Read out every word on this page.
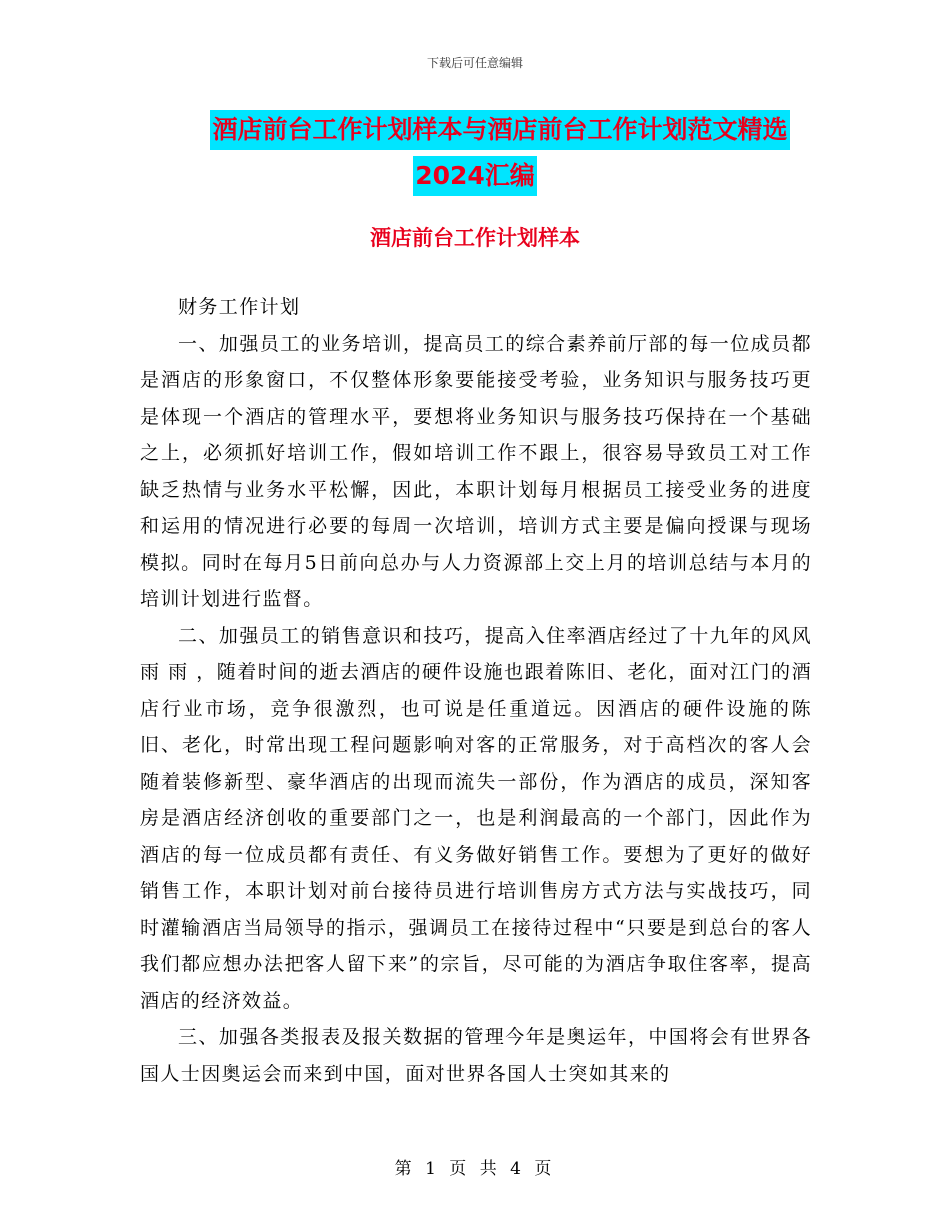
下载后可任意编辑
酒店前台工作计划样本与酒店前台工作计划范文精选
2024汇编
酒店前台工作计划样本

财务工作计划

一、加强员工的业务培训，提高员工的综合素养前厅部的每一位成员都是酒店的形象窗口，不仅整体形象要能接受考验，业务知识与服务技巧更是体现一个酒店的管理水平，要想将业务知识与服务技巧保持在一个基础之上，必须抓好培训工作，假如培训工作不跟上，很容易导致员工对工作缺乏热情与业务水平松懈，因此，本职计划每月根据员工接受业务的进度和运用的情况进行必要的每周一次培训，培训方式主要是偏向授课与现场模拟。同时在每月5日前向总办与人力资源部上交上月的培训总结与本月的培训计划进行监督。

二、加强员工的销售意识和技巧，提高入住率酒店经过了十九年的风风雨 雨 ，随着时间的逝去酒店的硬件设施也跟着陈旧、老化，面对江门的酒店行业市场，竞争很激烈，也可说是任重道远。因酒店的硬件设施的陈旧、老化，时常出现工程问题影响对客的正常服务，对于高档次的客人会随着装修新型、豪华酒店的出现而流失一部份，作为酒店的成员，深知客房是酒店经济创收的重要部门之一，也是利润最高的一个部门，因此作为酒店的每一位成员都有责任、有义务做好销售工作。要想为了更好的做好销售工作，本职计划对前台接待员进行培训售房方式方法与实战技巧，同时灌输酒店当局领导的指示，强调员工在接待过程中“只要是到总台的客人我们都应想办法把客人留下来”的宗旨，尽可能的为酒店争取住客率，提高酒店的经济效益。

三、加强各类报表及报关数据的管理今年是奥运年，中国将会有世界各国人士因奥运会而来到中国，面对世界各国人士突如其来的

第 1 页 共 4 页
